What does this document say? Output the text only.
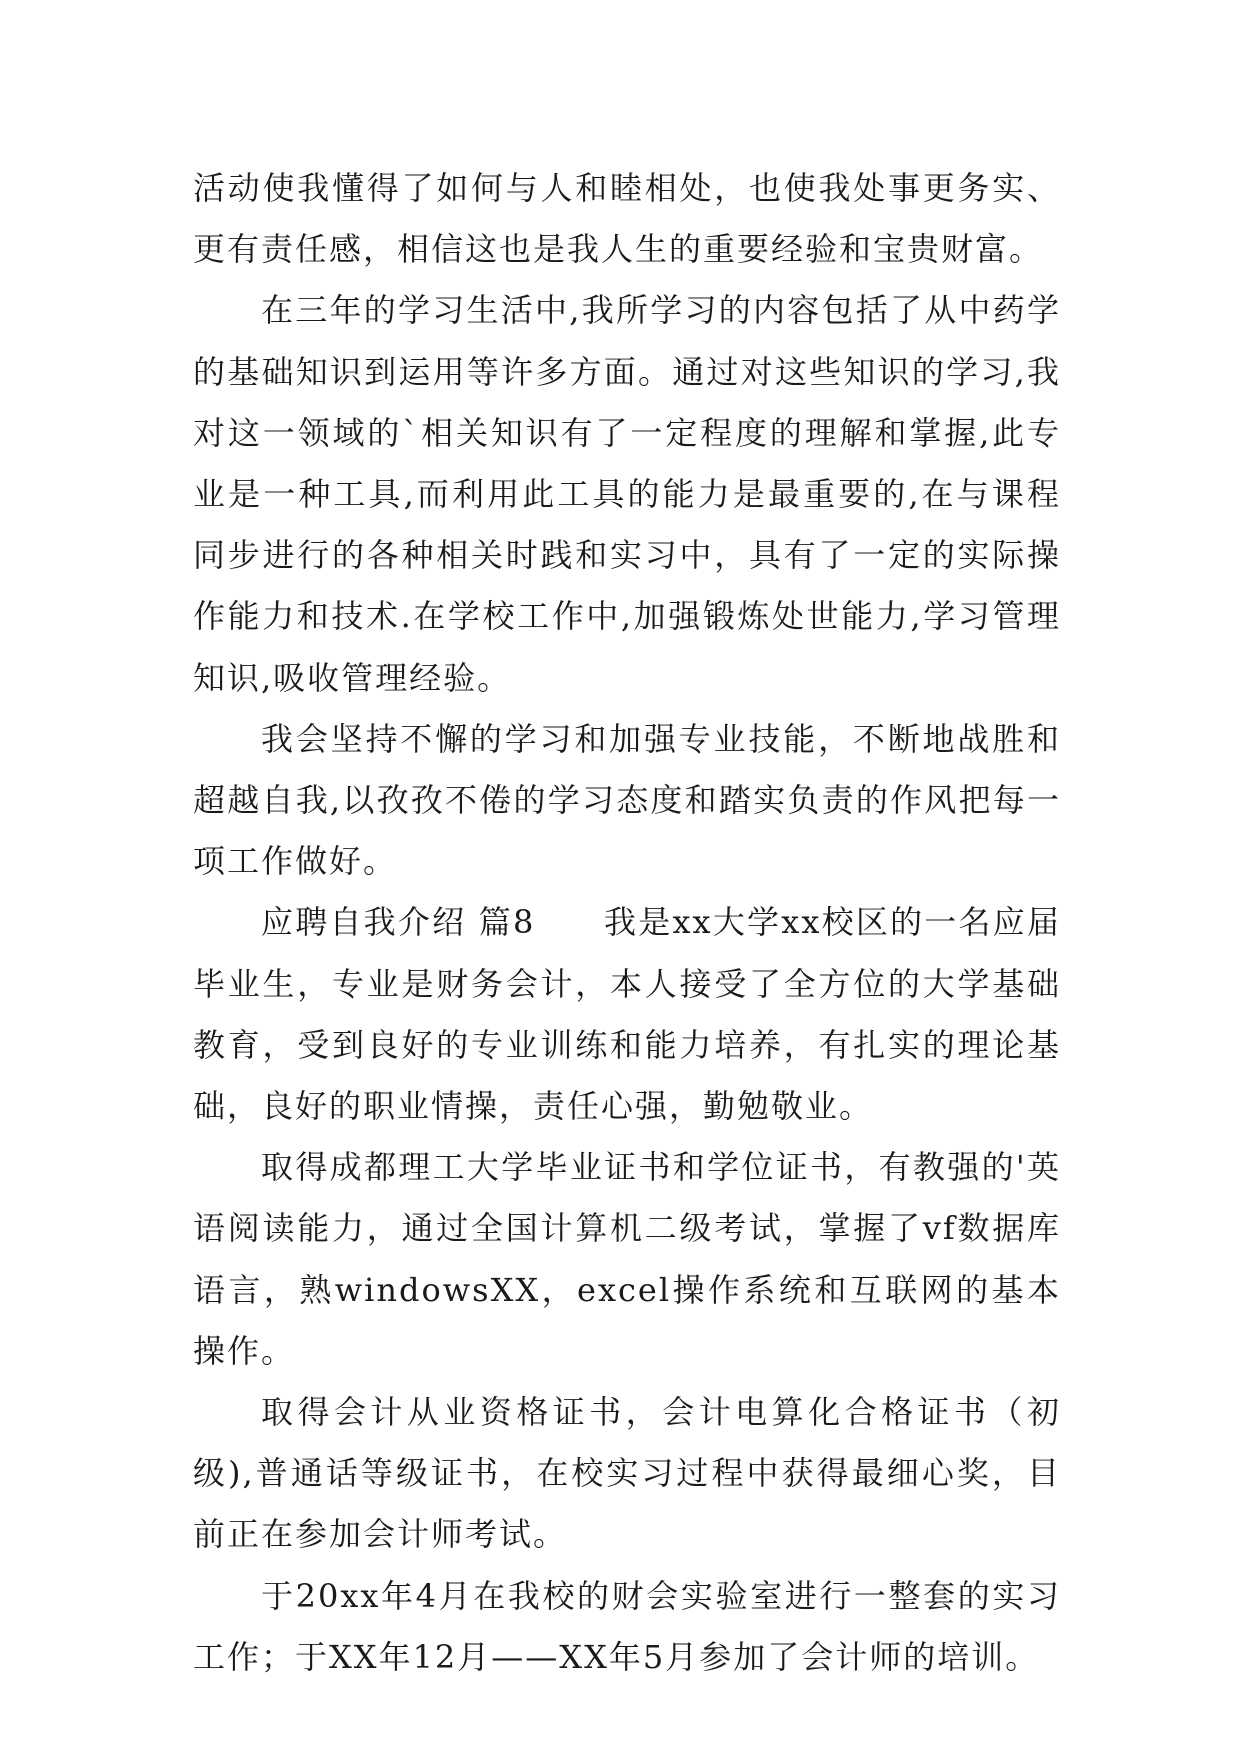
活动使我懂得了如何与人和睦相处，也使我处事更务实、更有责任感，相信这也是我人生的重要经验和宝贵财富。

在三年的学习生活中,我所学习的内容包括了从中药学的基础知识到运用等许多方面。通过对这些知识的学习,我对这一领域的`相关知识有了一定程度的理解和掌握,此专业是一种工具,而利用此工具的能力是最重要的,在与课程同步进行的各种相关时践和实习中，具有了一定的实际操作能力和技术.在学校工作中,加强锻炼处世能力,学习管理知识,吸收管理经验。

我会坚持不懈的学习和加强专业技能，不断地战胜和超越自我,以孜孜不倦的学习态度和踏实负责的作风把每一项工作做好。

应聘自我介绍 篇8　　我是xx大学xx校区的一名应届毕业生，专业是财务会计，本人接受了全方位的大学基础教育，受到良好的专业训练和能力培养，有扎实的理论基础，良好的职业情操，责任心强，勤勉敬业。

取得成都理工大学毕业证书和学位证书，有教强的'英语阅读能力，通过全国计算机二级考试，掌握了vf数据库语言，熟windowsXX，excel操作系统和互联网的基本操作。

取得会计从业资格证书，会计电算化合格证书（初级),普通话等级证书，在校实习过程中获得最细心奖，目前正在参加会计师考试。

于20xx年4月在我校的财会实验室进行一整套的实习工作；于XX年12月——XX年5月参加了会计师的培训。
